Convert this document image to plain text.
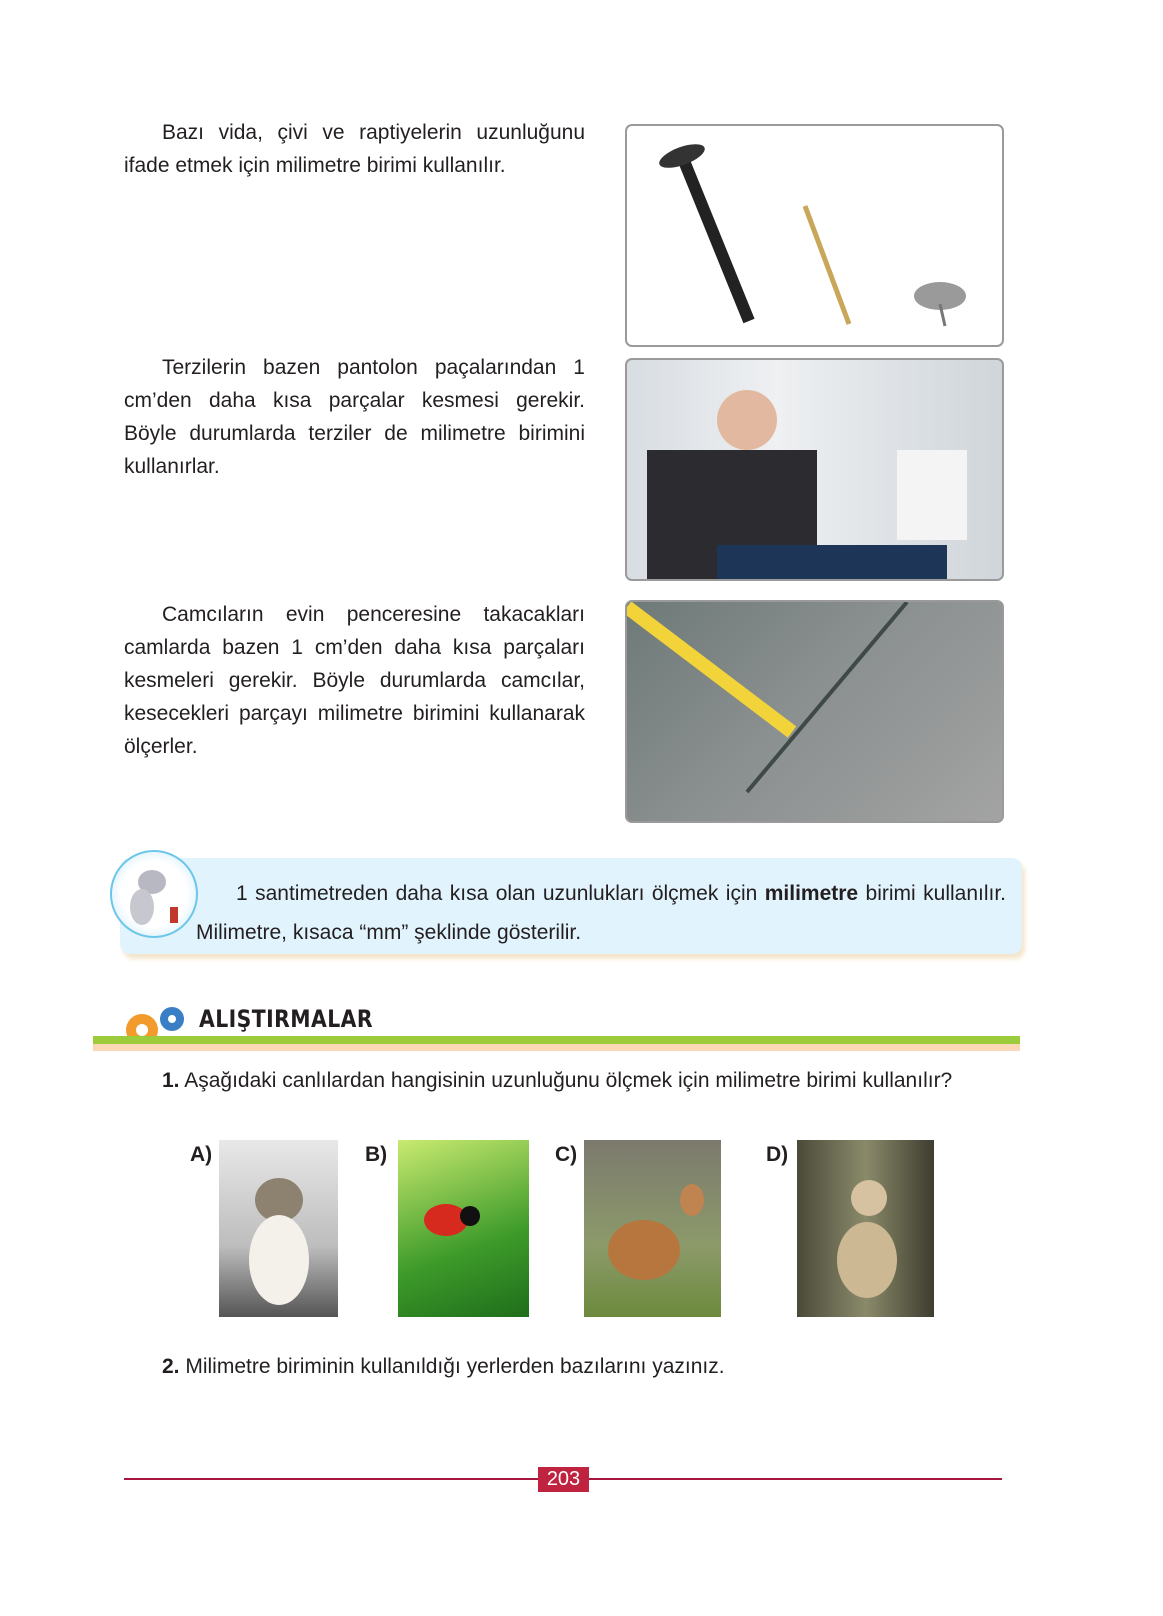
Bazı vida, çivi ve raptiyelerin uzunluğunu ifade etmek için milimetre birimi kullanılır.

Terzilerin bazen pantolon paçalarından 1 cm’den daha kısa parçalar kesmesi gerekir. Böyle durumlarda terziler de milimetre birimini kullanırlar.

Camcıların evin penceresine takacakları camlarda bazen 1 cm’den daha kısa parçaları kesmeleri gerekir. Böyle durumlarda camcılar, kesecekleri parçayı milimetre birimini kullanarak ölçerler.

1 santimetreden daha kısa olan uzunlukları ölçmek için milimetre birimi kullanılır. Milimetre, kısaca “mm” şeklinde gösterilir.

ALIŞTIRMALAR

1. Aşağıdaki canlılardan hangisinin uzunluğunu ölçmek için milimetre birimi kullanılır?

A)	B)	C)	D)

2. Milimetre biriminin kullanıldığı yerlerden bazılarını yazınız.

203
